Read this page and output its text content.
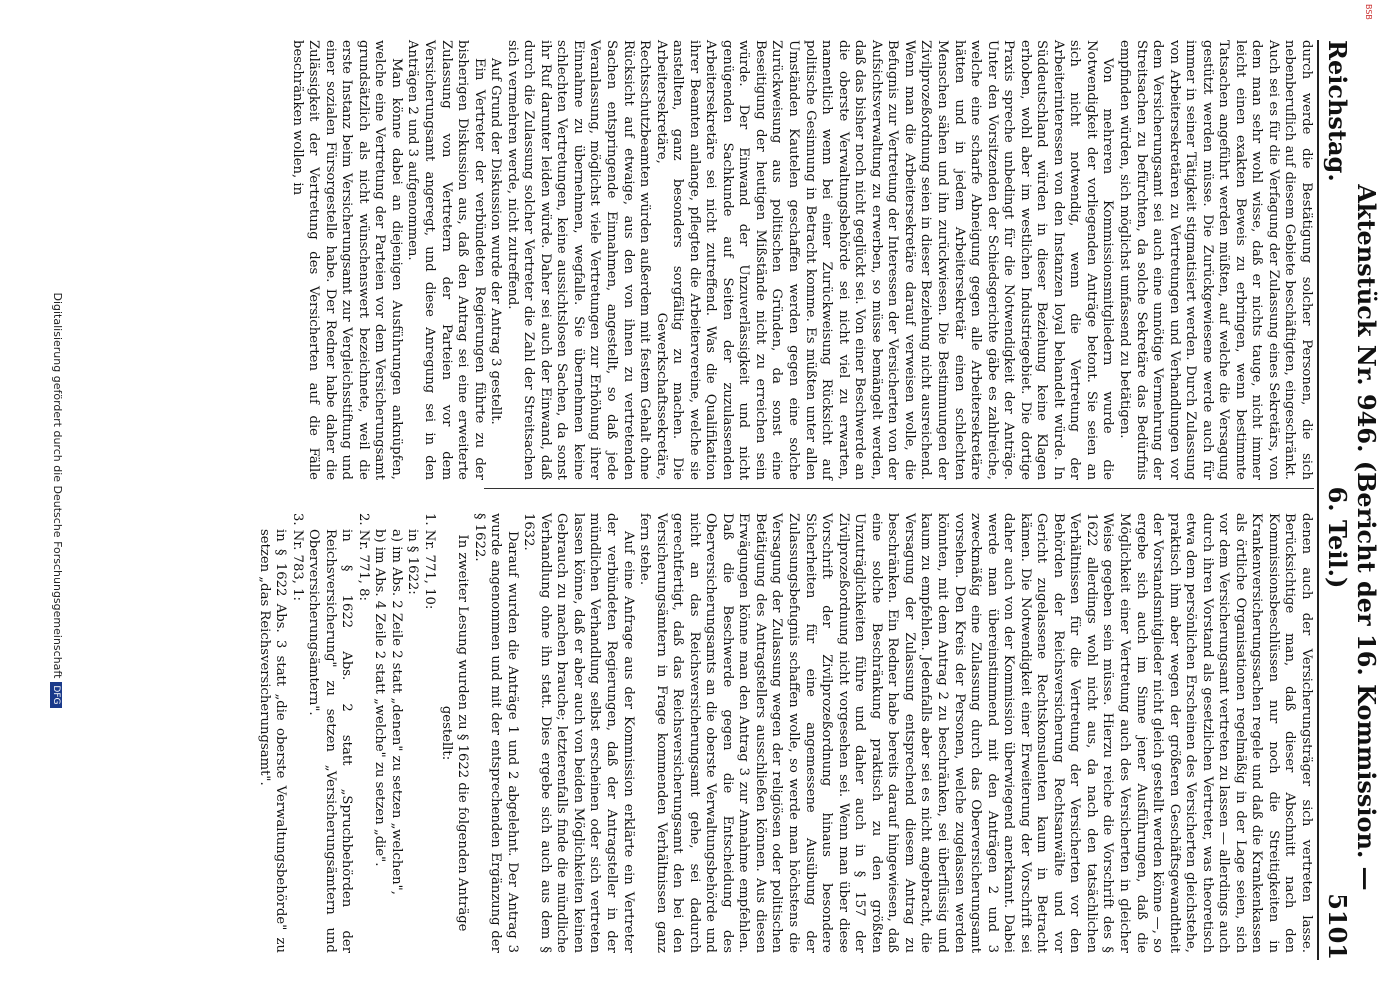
Reichstag.
Aktenstück Nr. 946. (Bericht der 16. Kommission. — 6. Teil.)
5101

durch werde die Bestätigung solcher Personen, die sich nebenberuflich auf diesem Gebiete beschäftigten, eingeschränkt. Auch sei es für die Verfagung der Zulassung eines Sekretärs, von dem man sehr wohl wisse, daß er nichts tauge, nicht immer leicht einen exakten Beweis zu erbringen, wenn bestimmte Tatsachen angeführt werden müßten, auf welche die Versagung gestützt werden müsse. Die Zurückgewiesene werde auch für immer in seiner Tätigkeit stigmatisiert werden. Durch Zulassung von Arbeitersekretären zu Vertretungen und Verhandlungen vor dem Versicherungsamt sei auch eine unnötige Vermehrung der Streitsachen zu befürchten, da solche Sekretäre das Bedürfnis empfinden würden, sich möglichst umfassend zu betätigen.

Von mehreren Kommissionsmitgliedern wurde die Notwendigkeit der vorliegenden Anträge betont. Sie seien an sich nicht notwendig, wenn die Vertretung der Arbeiterinteressen von den Instanzen loyal behandelt würde. In Süddeutschland würden in dieser Beziehung keine Klagen erhoben, wohl aber im westlichen Industriegebiet. Die dortige Praxis spreche unbedingt für die Notwendigkeit der Anträge. Unter den Vorsitzenden der Schiedsgerichte gäbe es zahlreiche, welche eine scharfe Abneigung gegen alle Arbeitersekretäre hätten und in jedem Arbeitersekretär einen schlechten Menschen sähen und ihn zurückwiesen. Die Bestimmungen der Zivilprozeßordnung seien in dieser Beziehung nicht ausreichend. Wenn man die Arbeitersekretäre darauf verweisen wolle, die Befugnis zur Vertretung der Interessen der Versicherten von der Aufsichtsverwaltung zu erwerben, so müsse bemängelt werden, daß das bisher noch nicht geglückt sei. Von einer Beschwerde an die oberste Verwaltungsbehörde sei nicht viel zu erwarten, namentlich wenn bei einer Zurückweisung Rücksicht auf politische Gesinnung in Betracht komme. Es müßten unter allen Umständen Kautelen geschaffen werden gegen eine solche Zurückweisung aus politischen Gründen, da sonst eine Beseitigung der heutigen Mißstände nicht zu erreichen sein würde. Der Einwand der Unzuverlässigkeit und nicht genügenden Sachkunde auf Seiten der zuzulassenden Arbeitersekretäre sei nicht zutreffend. Was die Qualifikation ihrer Beamten anlange, pflegten die Arbeitervereine, welche sie anstellten, ganz besonders sorgfältig zu machen. Die Arbeitersekretäre, Gewerkschaftssekretäre, Rechtsschutzbeamten würden außerdem mit festem Gehalt ohne Rücksicht auf etwaige, aus den von ihnen zu vertretenden Sachen entspringende Einnahmen, angestellt, so daß jede Veranlassung, möglichst viele Vertretungen zur Erhöhung ihrer Einnahme zu übernehmen, wegfalle. Sie übernehmen keine schlechten Vertretungen, keine aussichtslosen Sachen, da sonst ihr Ruf darunter leiden würde. Daher sei auch der Einwand, daß durch die Zulassung solcher Vertreter die Zahl der Streitsachen sich vermehren werde, nicht zutreffend.

Auf Grund der Diskussion wurde der Antrag 3 gestellt.

Ein Vertreter der verbündeten Regierungen führte zu der bisherigen Diskussion aus, daß den Antrag sei eine erweiterte Zulassung von Vertretern der Parteien vor dem Versicherungsamt angeregt, und diese Anregung sei in den Anträgen 2 und 3 aufgenommen.

Man könne dabei an diejenigen Ausführungen anknüpfen, welche eine Vertretung der Parteien vor dem Versicherungsamt grundsätzlich als nicht wünschenswert bezeichnete, weil die erste Instanz beim Versicherungsamt zur Vergleichsstiftung und einer sozialen Fürsorgestelle habe. Der Redner habe daher die Zulässigkeit der Vertretung des Versicherten auf die Fälle beschränken wollen, in

denen auch der Versicherungsträger sich vertreten lasse. Berücksichtige man, daß dieser Abschnitt nach den Kommissionsbeschlüssen nur noch die Streitigkeiten in Krankenversicherungssachen regele und daß die Krankenkassen als örtliche Organisationen regelmäßig in der Lage seien, sich vor dem Versicherungsamt vertreten zu lassen — allerdings auch durch ihren Vorstand als gesetzlichen Vertreter, was theoretisch etwa dem persönlichen Erscheinen des Versicherten gleichstehe, praktisch ihm aber wegen der größeren Geschäftsgewandtheit der Vorstandsmitglieder nicht gleich gestellt werden könne —, so ergebe sich auch im Sinne jener Ausführungen, daß die Möglichkeit einer Vertretung auch des Versicherten in gleicher Weise gegeben sein müsse. Hierzu reiche die Vorschrift des § 1622 allerdings wohl nicht aus, da nach den tatsächlichen Verhältnissen für die Vertretung der Versicherten vor den Behörden der Reichsversicherung Rechtsanwälte und vor Gericht zugelassene Rechtskonsulenten kaum in Betracht kämen. Die Notwendigkeit einer Erweiterung der Vorschrift sei daher auch von der Kommission überwiegend anerkannt. Dabei werde man übereinstimmend mit den Anträgen 2 und 3 zweckmäßig eine Zulassung durch das Oberversicherungsamt vorsehen. Den Kreis der Personen, welche zugelassen werden könnten, mit dem Antrag 2 zu beschränken, sei überflüssig und kaum zu empfehlen. Jedenfalls aber sei es nicht angebracht, die Versagung der Zulassung entsprechend diesem Antrag zu beschränken. Ein Redner habe bereits darauf hingewiesen, daß eine solche Beschränkung praktisch zu den größten Unzuträglichkeiten führe und daher auch in § 157 der Zivilprozeßordnung nicht vorgesehen sei. Wenn man über diese Vorschrift der Zivilprozeßordnung hinaus besondere Sicherheiten für eine angemessene Ausübung der Zulassungsbefugnis schaffen wolle, so werde man höchstens die Versagung der Zulassung wegen der religiösen oder politischen Betätigung des Antragstellers ausschließen können. Aus diesen Erwägungen könne man den Antrag 3 zur Annahme empfehlen. Daß die Beschwerde gegen die Entscheidung des Oberversicherungsamts an die oberste Verwaltungsbehörde und nicht an das Reichsversicherungsamt gehe, sei dadurch gerechtfertigt, daß das Reichsversicherungsamt den bei den Versicherungsämtern in Frage kommenden Verhältnissen ganz fern stehe.

Auf eine Anfrage aus der Kommission erklärte ein Vertreter der verbündeten Regierungen, daß der Antragsteller in der mündlichen Verhandlung selbst erscheinen oder sich vertreten lassen könne, daß er aber auch von beiden Möglichkeiten keinen Gebrauch zu machen brauche; letzterenfalls finde die mündliche Verhandlung ohne ihn statt. Dies ergebe sich auch aus dem § 1632.

Darauf wurden die Anträge 1 und 2 abgelehnt. Der Antrag 3 wurde angenommen und mit der entsprechenden Ergänzung der § 1622.

In zweiter Lesung wurden zu § 1622 die folgenden Anträge gestellt:

1. Nr. 771, 10:

in § 1622:

a) im Abs. 2 Zeile 2 statt „denen" zu setzen „welchen",

b) im Abs. 4 Zeile 2 statt „welche" zu setzen „die".

2. Nr. 771, 8:

in § 1622 Abs. 2 statt „Spruchbehörden der Reichsversicherung" zu setzen „Versicherungsämtern und Oberversicherungsämtern".

3. Nr. 783, 1:

in § 1622 Abs. 3 statt „die oberste Verwaltungsbehörde" zu setzen „das Reichsversicherungsamt".

Digitalisierung gefördert durch die Deutsche ForschungsgemeinschaftDFG
BSB
